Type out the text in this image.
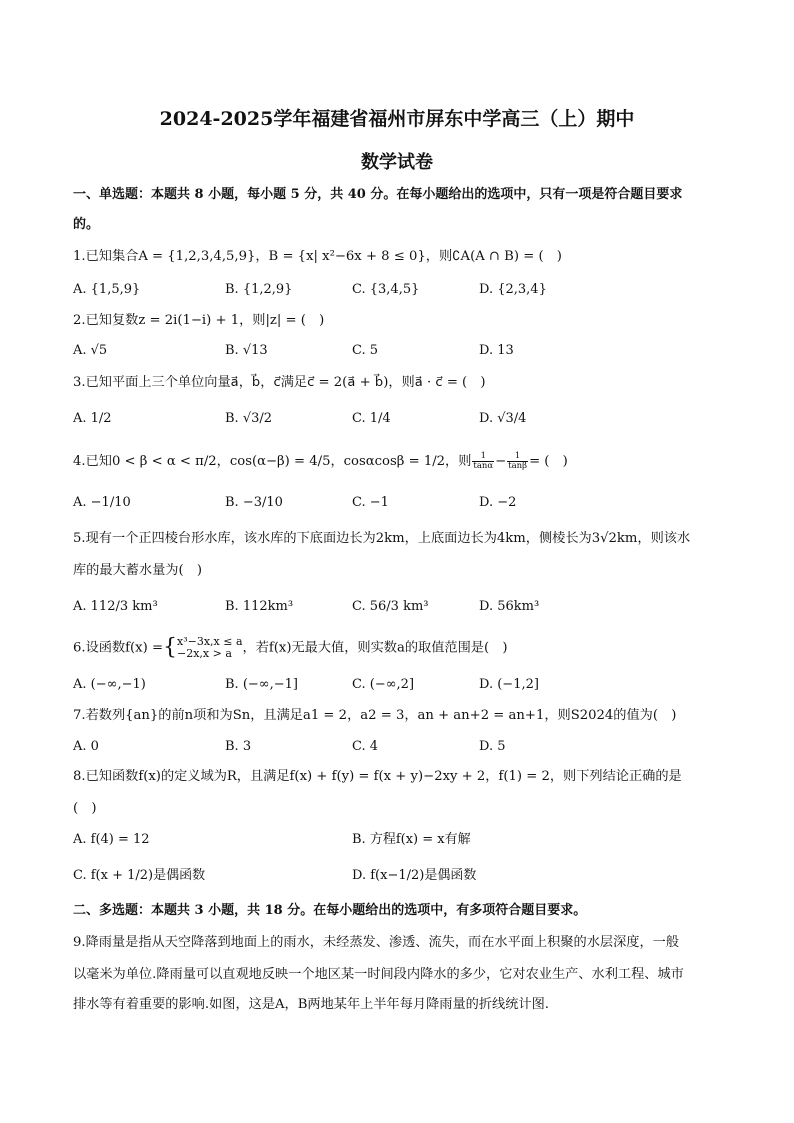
2024-2025学年福建省福州市屏东中学高三（上）期中
数学试卷
一、单选题：本题共 8 小题，每小题 5 分，共 40 分。在每小题给出的选项中，只有一项是符合题目要求
的。
1.已知集合A = {1,2,3,4,5,9}，B = {x| x²−6x + 8 ≤ 0}，则∁A(A ∩ B) = (　)
A. {1,5,9}	B. {1,2,9}	C. {3,4,5}	D. {2,3,4}
2.已知复数z = 2i(1−i) + 1，则|z| = (　)
A. √5	B. √13	C. 5	D. 13
3.已知平面上三个单位向量a⃗，b⃗，c⃗满足c⃗ = 2(a⃗ + b⃗)，则a⃗ · c⃗ = (　)
A. 1/2	B. √3/2	C. 1/4	D. √3/4
4.已知0 < β < α < π/2，cos(α−β) = 4/5，cosαcosβ = 1/2，则 $\frac{1}{\tan\alpha} - \frac{1}{\tan\beta}$ = (　)
A. −1/10	B. −3/10	C. −1	D. −2
5.现有一个正四棱台形水库，该水库的下底面边长为2km，上底面边长为4km，侧棱长为3√2km，则该水
库的最大蓄水量为(　)
A. 112/3 km³	B. 112km³	C. 56/3 km³	D. 56km³
6.设函数f(x) ={ x³−3x,x ≤ a
−2x,x > a ，若f(x)无最大值，则实数a的取值范围是(　)
A. (−∞,−1)	B. (−∞,−1]	C. (−∞,2]	D. (−1,2]
7.若数列{an}的前n项和为Sn，且满足a1 = 2，a2 = 3，an + an+2 = an+1，则S2024的值为(　)
A. 0	B. 3	C. 4	D. 5
8.已知函数f(x)的定义域为R，且满足f(x) + f(y) = f(x + y)−2xy + 2，f(1) = 2，则下列结论正确的是
(　)
A. f(4) = 12	B. 方程f(x) = x有解
C. f(x + 1/2)是偶函数	D. f(x−1/2)是偶函数
二、多选题：本题共 3 小题，共 18 分。在每小题给出的选项中，有多项符合题目要求。
9.降雨量是指从天空降落到地面上的雨水，未经蒸发、渗透、流失，而在水平面上积聚的水层深度，一般
以毫米为单位.降雨量可以直观地反映一个地区某一时间段内降水的多少，它对农业生产、水利工程、城市
排水等有着重要的影响.如图，这是A，B两地某年上半年每月降雨量的折线统计图.
